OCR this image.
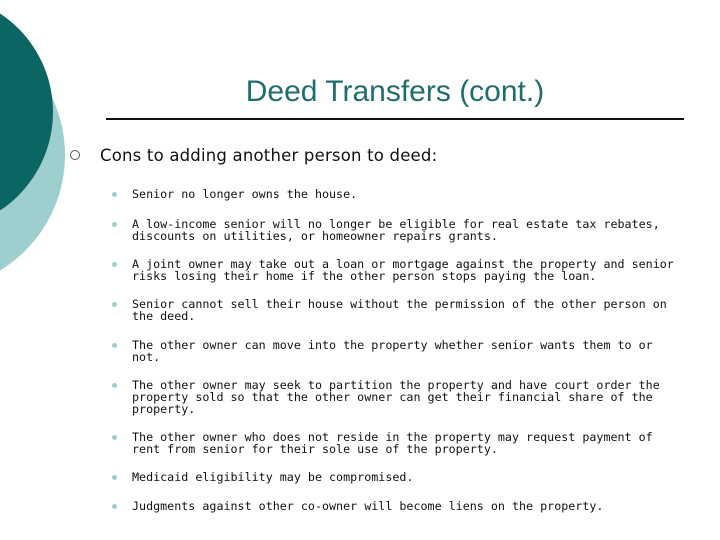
Deed Transfers (cont.)
Cons to adding another person to deed:
Senior no longer owns the house.
A low-income senior will no longer be eligible for real estate tax rebates, discounts on utilities, or homeowner repairs grants.
A joint owner may take out a loan or mortgage against the property and senior risks losing their home if the other person stops paying the loan.
Senior cannot sell their house without the permission of the other person on the deed.
The other owner can move into the property whether senior wants them to or not.
The other owner may seek to partition the property and have court order the property sold so that the other owner can get their financial share of the property.
The other owner who does not reside in the property may request payment of rent from senior for their sole use of the property.
Medicaid eligibility may be compromised.
Judgments against other co-owner will become liens on the property.
